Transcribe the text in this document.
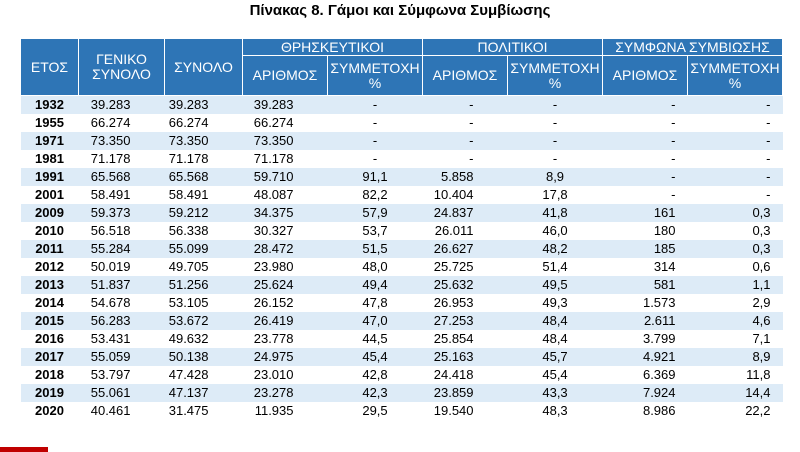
Πίνακας 8. Γάμοι και Σύμφωνα Συμβίωσης
ΕΤΟΣ	ΓΕΝΙΚΟ ΣΥΝΟΛΟ	ΣΥΝΟΛΟ	ΘΡΗΣΚΕΥΤΙΚΟΙ		ΠΟΛΙΤΙΚΟΙ		ΣΥΜΦΩΝΑ ΣΥΜΒΙΩΣΗΣ	
			ΑΡΙΘΜΟΣ	ΣΥΜΜΕΤΟΧΗ %	ΑΡΙΘΜΟΣ	ΣΥΜΜΕΤΟΧΗ %	ΑΡΙΘΜΟΣ	ΣΥΜΜΕΤΟΧΗ %
1932	39.283	39.283	39.283	-	-	-	-	-
1955	66.274	66.274	66.274	-	-	-	-	-
1971	73.350	73.350	73.350	-	-	-	-	-
1981	71.178	71.178	71.178	-	-	-	-	-
1991	65.568	65.568	59.710	91,1	5.858	8,9	-	-
2001	58.491	58.491	48.087	82,2	10.404	17,8	-	-
2009	59.373	59.212	34.375	57,9	24.837	41,8	161	0,3
2010	56.518	56.338	30.327	53,7	26.011	46,0	180	0,3
2011	55.284	55.099	28.472	51,5	26.627	48,2	185	0,3
2012	50.019	49.705	23.980	48,0	25.725	51,4	314	0,6
2013	51.837	51.256	25.624	49,4	25.632	49,5	581	1,1
2014	54.678	53.105	26.152	47,8	26.953	49,3	1.573	2,9
2015	56.283	53.672	26.419	47,0	27.253	48,4	2.611	4,6
2016	53.431	49.632	23.778	44,5	25.854	48,4	3.799	7,1
2017	55.059	50.138	24.975	45,4	25.163	45,7	4.921	8,9
2018	53.797	47.428	23.010	42,8	24.418	45,4	6.369	11,8
2019	55.061	47.137	23.278	42,3	23.859	43,3	7.924	14,4
2020	40.461	31.475	11.935	29,5	19.540	48,3	8.986	22,2
